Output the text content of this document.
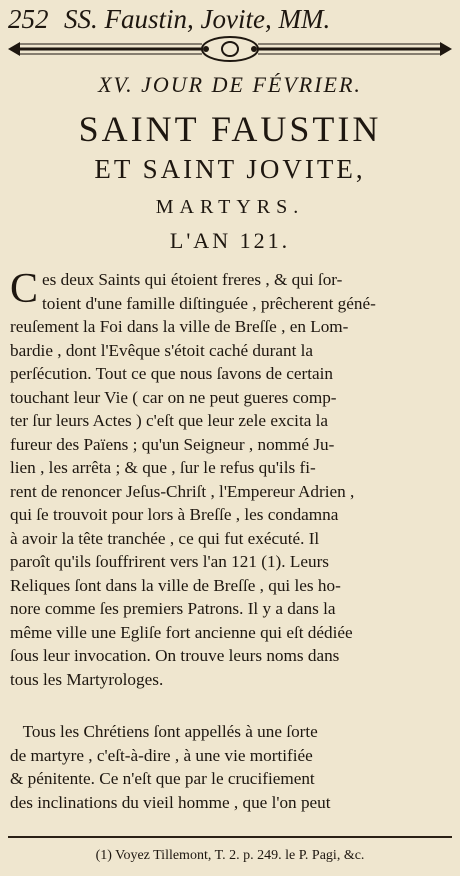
252 SS. Faustin, Jovite, MM.
XV. JOUR DE FÉVRIER.
SAINT FAUSTIN
ET SAINT JOVITE,
MARTYRS.
L'AN 121.
C es deux Saints qui étoient freres , & qui ſor-
toient d'une famille diſtinguée , prêcherent géné-
reuſement la Foi dans la ville de Breſſe , en Lom-
bardie , dont l'Evêque s'étoit caché durant la
perſécution. Tout ce que nous ſavons de certain
touchant leur Vie ( car on ne peut gueres comp-
ter ſur leurs Actes ) c'eſt que leur zele excita la
fureur des Païens ; qu'un Seigneur , nommé Ju-
lien , les arrêta ; & que , ſur le refus qu'ils fi-
rent de renoncer Jeſus-Chriſt , l'Empereur Adrien ,
qui ſe trouvoit pour lors à Breſſe , les condamna
à avoir la tête tranchée , ce qui fut exécuté. Il
paroît qu'ils ſouffrirent vers l'an 121 (1). Leurs
Reliques ſont dans la ville de Breſſe , qui les ho-
nore comme ſes premiers Patrons. Il y a dans la
même ville une Egliſe fort ancienne qui eſt dédiée
ſous leur invocation. On trouve leurs noms dans
tous les Martyrologes.
Tous les Chrétiens ſont appellés à une ſorte
de martyre , c'eſt-à-dire , à une vie mortifiée
& pénitente. Ce n'eſt que par le crucifiement
des inclinations du vieil homme , que l'on peut
(1) Voyez Tillemont, T. 2. p. 249. le P. Pagi, &c.
